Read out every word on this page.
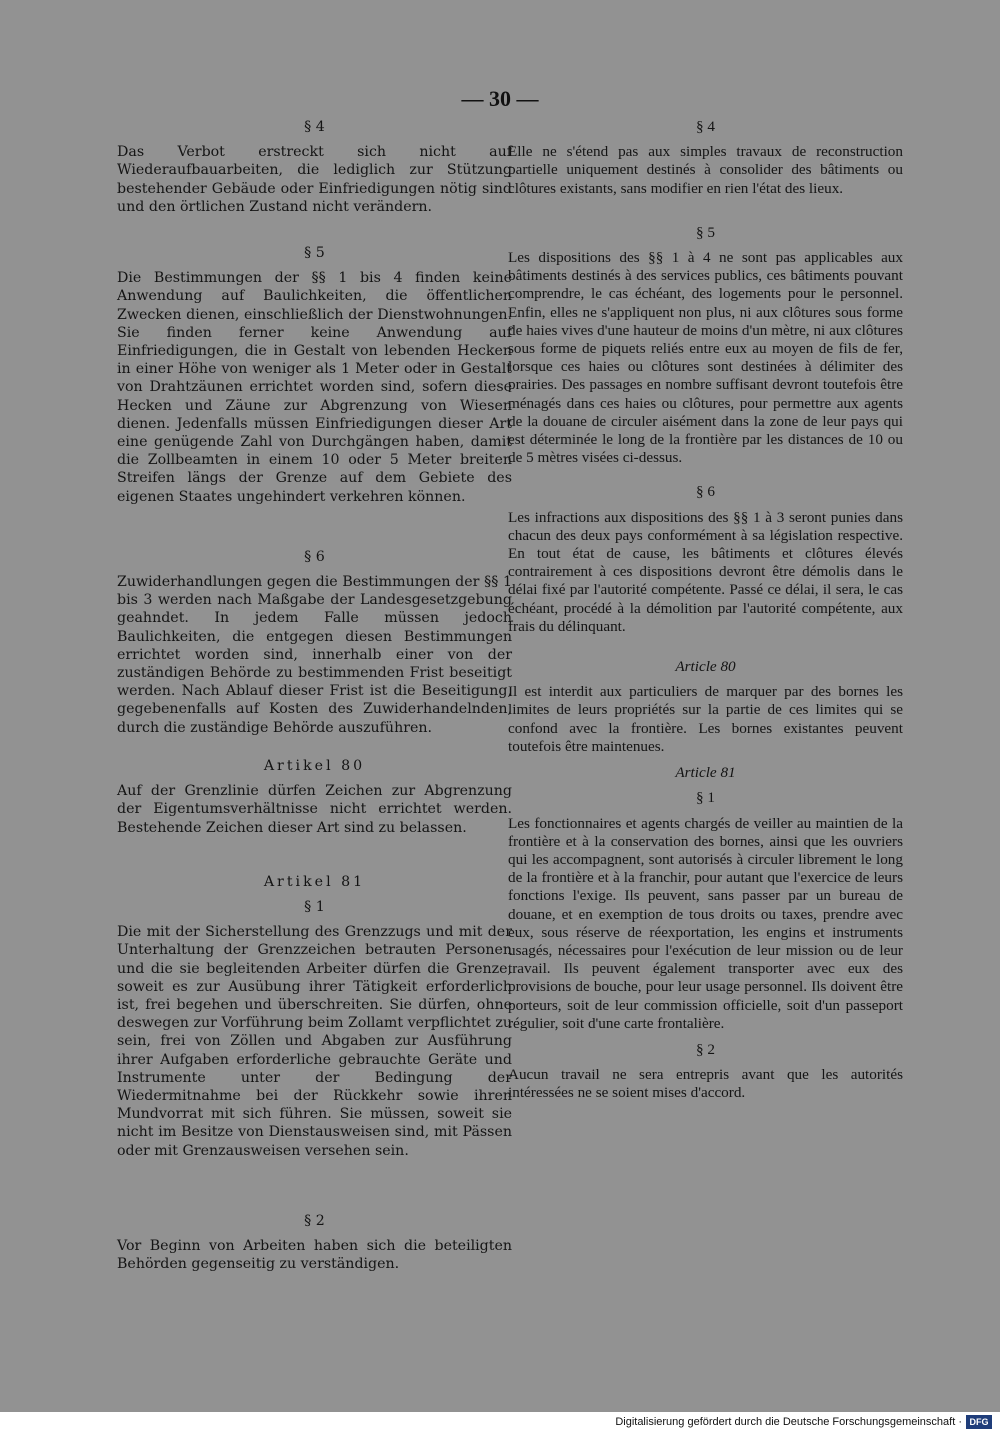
— 30 —
§ 4

Das Verbot erstreckt sich nicht auf Wiederaufbauarbeiten, die lediglich zur Stützung bestehender Gebäude oder Einfriedigungen nötig sind und den örtlichen Zustand nicht verändern.

§ 5

Die Bestimmungen der §§ 1 bis 4 finden keine Anwendung auf Baulichkeiten, die öffentlichen Zwecken dienen, einschließlich der Dienstwohnungen. Sie finden ferner keine Anwendung auf Einfriedigungen, die in Gestalt von lebenden Hecken in einer Höhe von weniger als 1 Meter oder in Gestalt von Drahtzäunen errichtet worden sind, sofern diese Hecken und Zäune zur Abgrenzung von Wiesen dienen. Jedenfalls müssen Einfriedigungen dieser Art eine genügende Zahl von Durchgängen haben, damit die Zollbeamten in einem 10 oder 5 Meter breiten Streifen längs der Grenze auf dem Gebiete des eigenen Staates ungehindert verkehren können.

§ 6

Zuwiderhandlungen gegen die Bestimmungen der §§ 1 bis 3 werden nach Maßgabe der Landesgesetzgebung geahndet. In jedem Falle müssen jedoch Baulichkeiten, die entgegen diesen Bestimmungen errichtet worden sind, innerhalb einer von der zuständigen Behörde zu bestimmenden Frist beseitigt werden. Nach Ablauf dieser Frist ist die Beseitigung, gegebenenfalls auf Kosten des Zuwiderhandelnden, durch die zuständige Behörde auszuführen.

Artikel 80

Auf der Grenzlinie dürfen Zeichen zur Abgrenzung der Eigentumsverhältnisse nicht errichtet werden. Bestehende Zeichen dieser Art sind zu belassen.

Artikel 81
§ 1

Die mit der Sicherstellung des Grenzzugs und mit der Unterhaltung der Grenzzeichen betrauten Personen und die sie begleitenden Arbeiter dürfen die Grenze, soweit es zur Ausübung ihrer Tätigkeit erforderlich ist, frei begehen und überschreiten. Sie dürfen, ohne deswegen zur Vorführung beim Zollamt verpflichtet zu sein, frei von Zöllen und Abgaben zur Ausführung ihrer Aufgaben erforderliche gebrauchte Geräte und Instrumente unter der Bedingung der Wiedermitnahme bei der Rückkehr sowie ihren Mundvorrat mit sich führen. Sie müssen, soweit sie nicht im Besitze von Dienstausweisen sind, mit Pässen oder mit Grenzausweisen versehen sein.

§ 2

Vor Beginn von Arbeiten haben sich die beteiligten Behörden gegenseitig zu verständigen.

§ 4

Elle ne s'étend pas aux simples travaux de reconstruction partielle uniquement destinés à consolider des bâtiments ou clôtures existants, sans modifier en rien l'état des lieux.

§ 5

Les dispositions des §§ 1 à 4 ne sont pas applicables aux bâtiments destinés à des services publics, ces bâtiments pouvant comprendre, le cas échéant, des logements pour le personnel. Enfin, elles ne s'appliquent non plus, ni aux clôtures sous forme de haies vives d'une hauteur de moins d'un mètre, ni aux clôtures sous forme de piquets reliés entre eux au moyen de fils de fer, lorsque ces haies ou clôtures sont destinées à délimiter des prairies. Des passages en nombre suffisant devront toutefois être ménagés dans ces haies ou clôtures, pour permettre aux agents de la douane de circuler aisément dans la zone de leur pays qui est déterminée le long de la frontière par les distances de 10 ou de 5 mètres visées ci-dessus.

§ 6

Les infractions aux dispositions des §§ 1 à 3 seront punies dans chacun des deux pays conformément à sa législation respective. En tout état de cause, les bâtiments et clôtures élevés contrairement à ces dispositions devront être démolis dans le délai fixé par l'autorité compétente. Passé ce délai, il sera, le cas échéant, procédé à la démolition par l'autorité compétente, aux frais du délinquant.

Article 80

Il est interdit aux particuliers de marquer par des bornes les limites de leurs propriétés sur la partie de ces limites qui se confond avec la frontière. Les bornes existantes peuvent toutefois être maintenues.

Article 81
§ 1

Les fonctionnaires et agents chargés de veiller au maintien de la frontière et à la conservation des bornes, ainsi que les ouvriers qui les accompagnent, sont autorisés à circuler librement le long de la frontière et à la franchir, pour autant que l'exercice de leurs fonctions l'exige. Ils peuvent, sans passer par un bureau de douane, et en exemption de tous droits ou taxes, prendre avec eux, sous réserve de réexportation, les engins et instruments usagés, nécessaires pour l'exécution de leur mission ou de leur travail. Ils peuvent également transporter avec eux des provisions de bouche, pour leur usage personnel. Ils doivent être porteurs, soit de leur commission officielle, soit d'un passeport régulier, soit d'une carte frontalière.

§ 2

Aucun travail ne sera entrepris avant que les autorités intéressées ne se soient mises d'accord.

Digitalisierung gefördert durch die Deutsche Forschungsgemeinschaft · DFG
